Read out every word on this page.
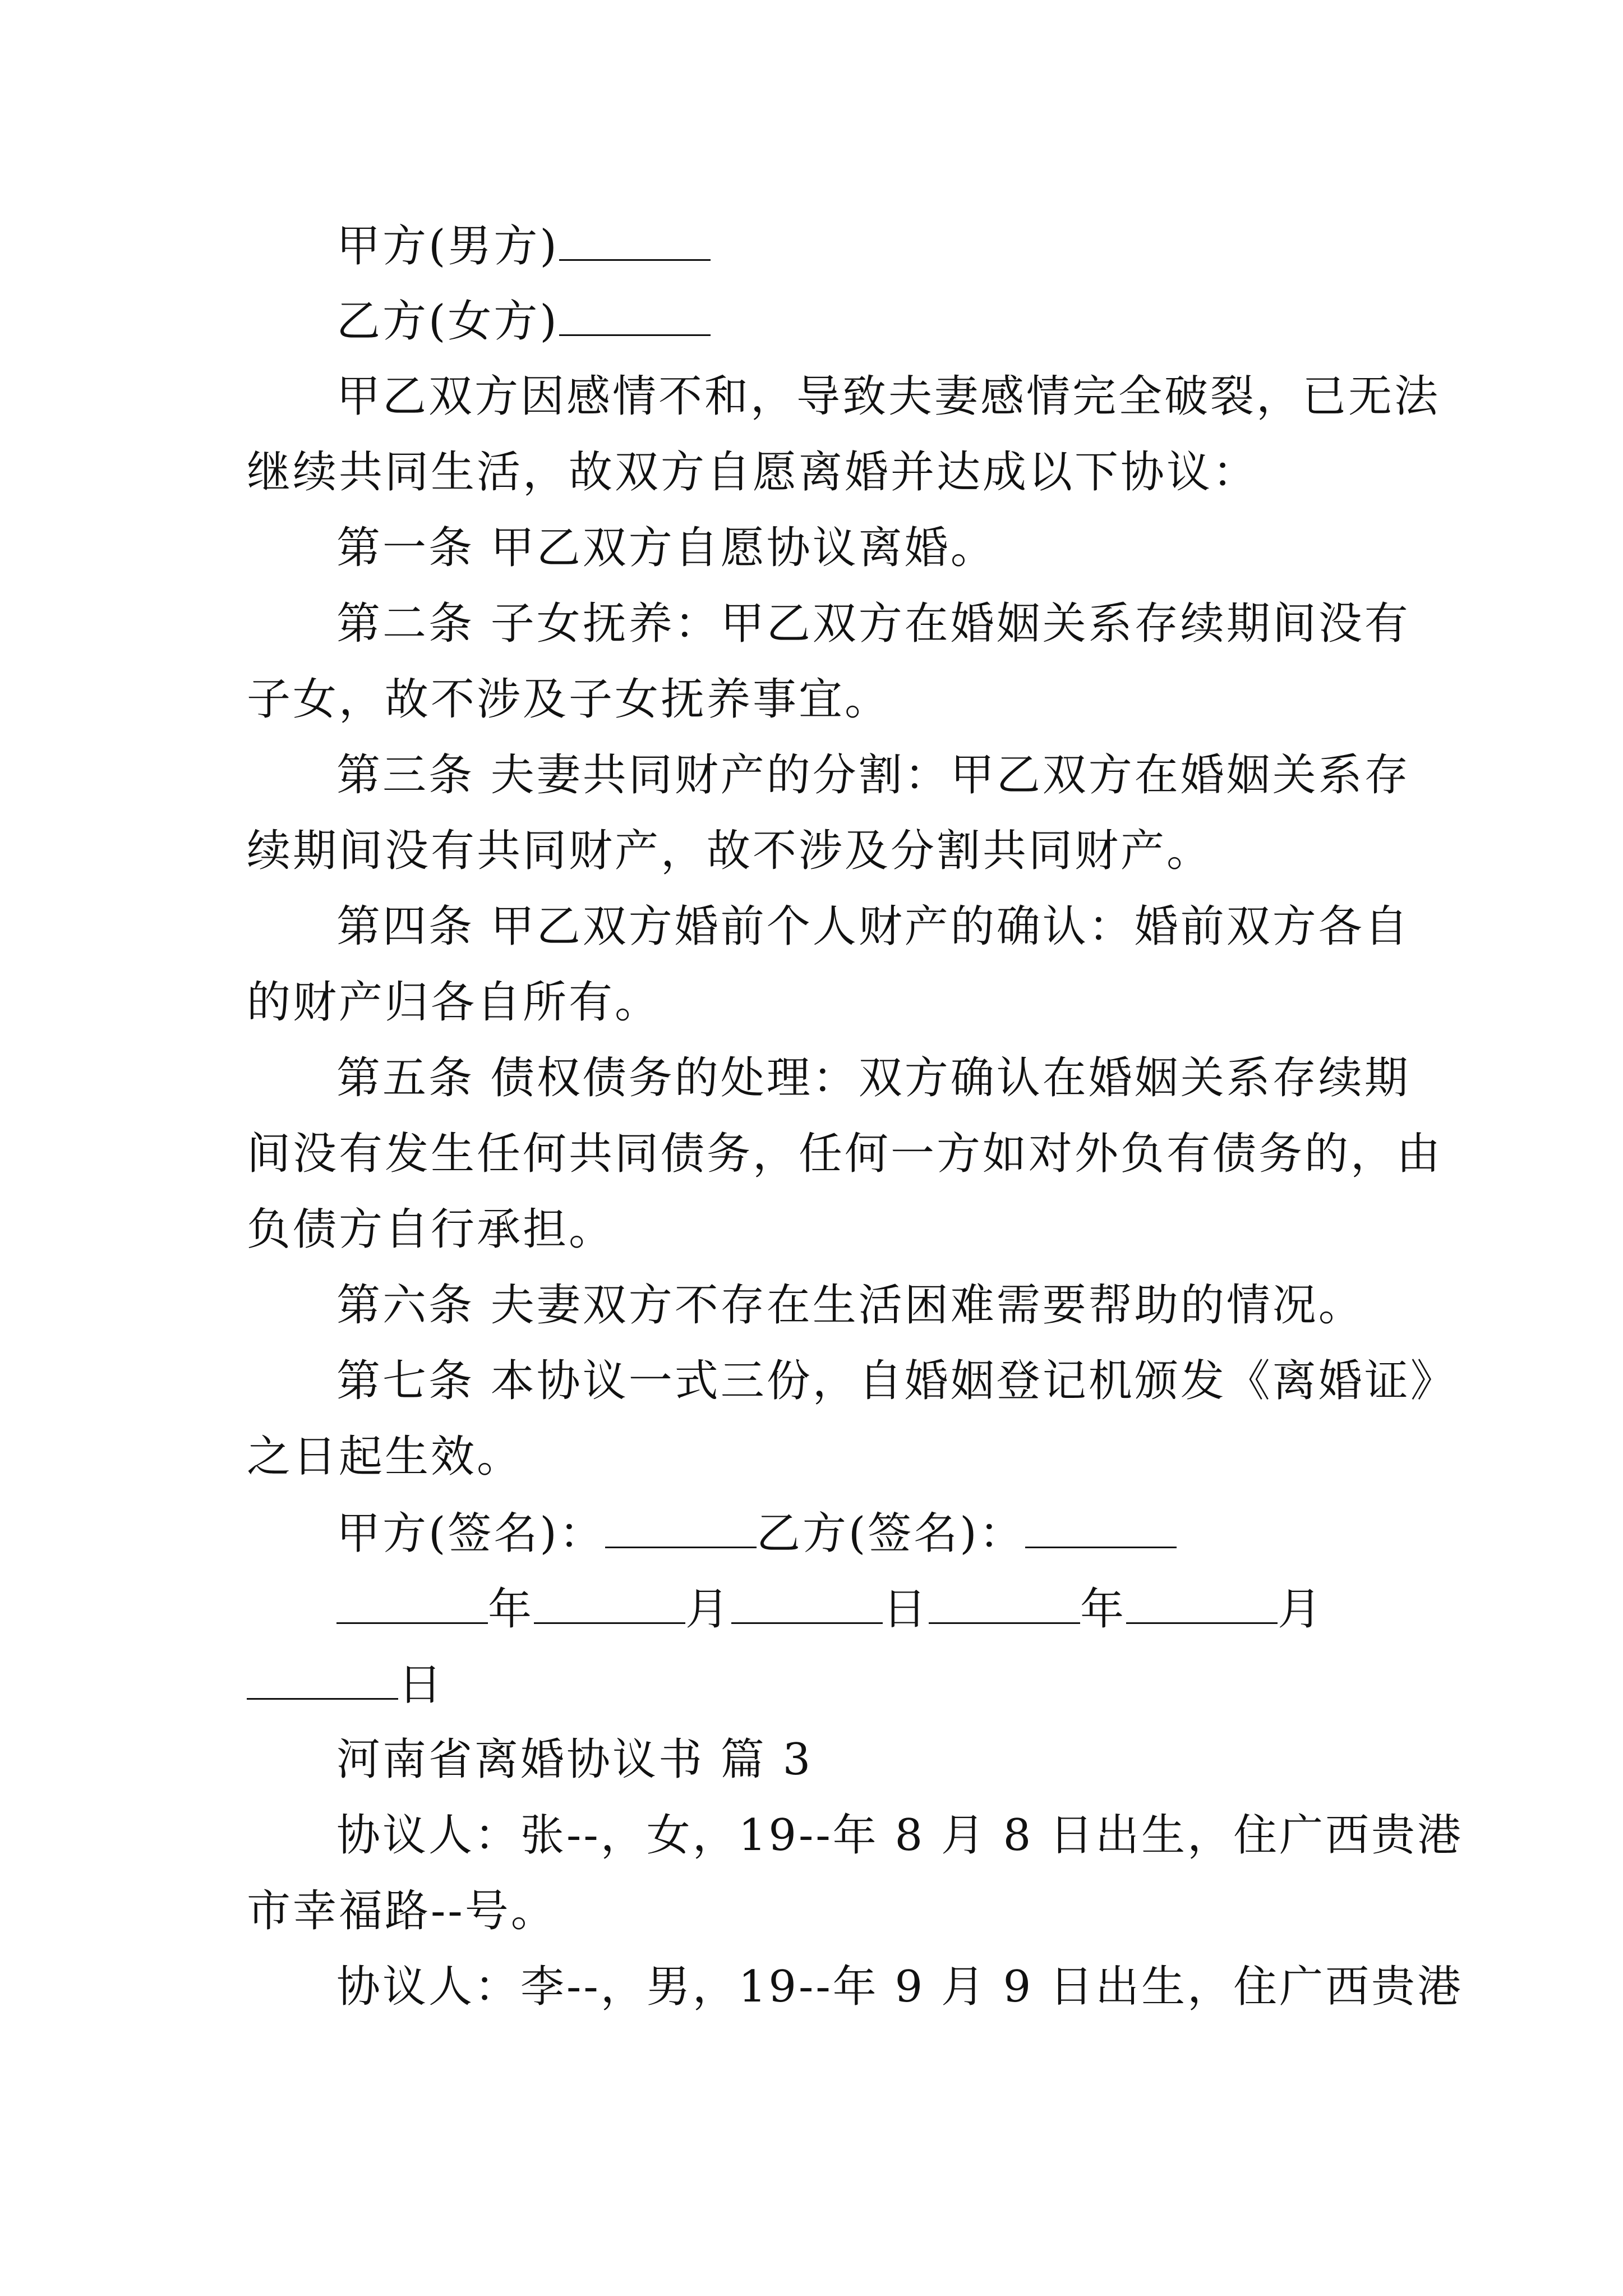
甲方(男方)
乙方(女方)
甲乙双方因感情不和，导致夫妻感情完全破裂，已无法
继续共同生活，故双方自愿离婚并达成以下协议：
第一条 甲乙双方自愿协议离婚。
第二条 子女抚养：甲乙双方在婚姻关系存续期间没有
子女，故不涉及子女抚养事宜。
第三条 夫妻共同财产的分割：甲乙双方在婚姻关系存
续期间没有共同财产，故不涉及分割共同财产。
第四条 甲乙双方婚前个人财产的确认：婚前双方各自
的财产归各自所有。
第五条 债权债务的处理：双方确认在婚姻关系存续期
间没有发生任何共同债务，任何一方如对外负有债务的，由
负债方自行承担。
第六条 夫妻双方不存在生活困难需要帮助的情况。
第七条 本协议一式三份，自婚姻登记机颁发《离婚证》
之日起生效。
甲方(签名)：	乙方(签名)：
年	月	日	年	月
日
河南省离婚协议书 篇 3
协议人：张--，女，19--年 8 月 8 日出生，住广西贵港
市幸福路--号。
协议人：李--，男，19--年 9 月 9 日出生，住广西贵港
